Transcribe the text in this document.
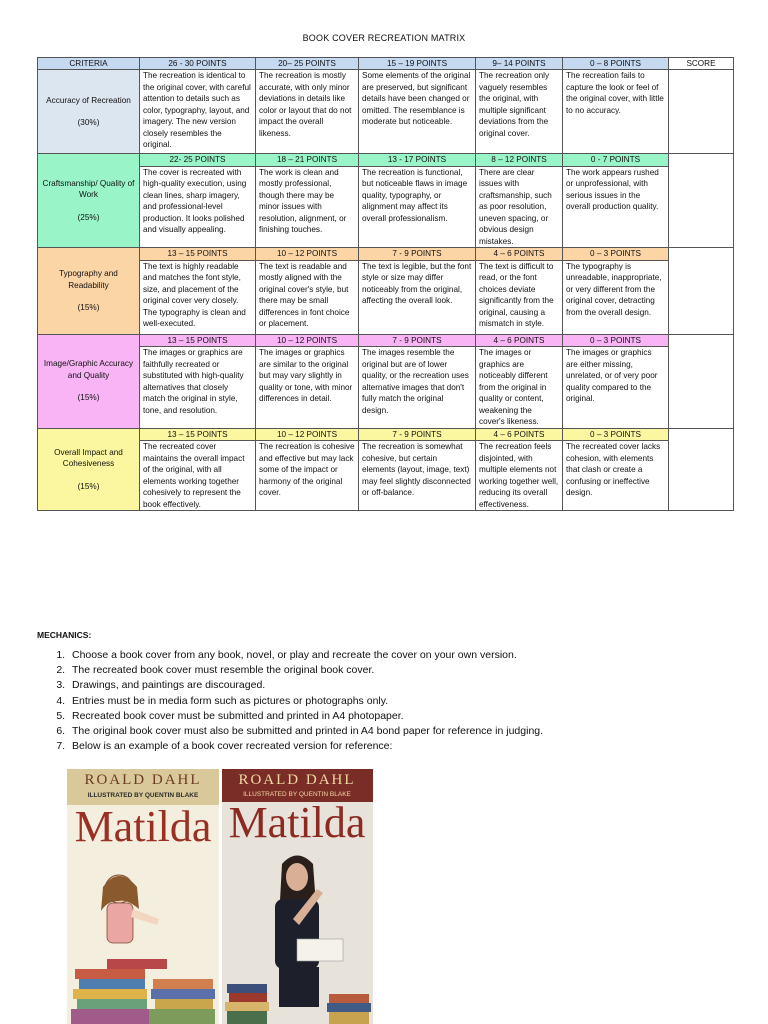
BOOK COVER RECREATION MATRIX
CRITERIA	26 - 30 POINTS	20– 25 POINTS	15 – 19 POINTS	9– 14 POINTS	0 – 8 POINTS	SCORE
Accuracy of Recreation
(30%)	The recreation is identical to the original cover, with careful attention to details such as color, typography, layout, and imagery. The new version closely resembles the original.	The recreation is mostly accurate, with only minor deviations in details like color or layout that do not impact the overall likeness.	Some elements of the original are preserved, but significant details have been changed or omitted. The resemblance is moderate but noticeable.	The recreation only vaguely resembles the original, with multiple significant deviations from the original cover.	The recreation fails to capture the look or feel of the original cover, with little to no accuracy.	
Craftsmanship/ Quality of Work
(25%)	22- 25 POINTS	18 – 21 POINTS	13 - 17 POINTS	8 – 12 POINTS	0 - 7 POINTS	
	The cover is recreated with high-quality execution, using clean lines, sharp imagery, and professional-level production. It looks polished and visually appealing.	The work is clean and mostly professional, though there may be minor issues with resolution, alignment, or finishing touches.	The recreation is functional, but noticeable flaws in image quality, typography, or alignment may affect its overall professionalism.	There are clear issues with craftsmanship, such as poor resolution, uneven spacing, or obvious design mistakes.	The work appears rushed or unprofessional, with serious issues in the overall production quality.	
Typography and Readability
(15%)	13 – 15 POINTS	10 – 12 POINTS	7 - 9 POINTS	4 – 6 POINTS	0 – 3 POINTS	
	The text is highly readable and matches the font style, size, and placement of the original cover very closely. The typography is clean and well-executed.	The text is readable and mostly aligned with the original cover's style, but there may be small differences in font choice or placement.	The text is legible, but the font style or size may differ noticeably from the original, affecting the overall look.	The text is difficult to read, or the font choices deviate significantly from the original, causing a mismatch in style.	The typography is unreadable, inappropriate, or very different from the original cover, detracting from the overall design.	
Image/Graphic Accuracy and Quality
(15%)	13 – 15 POINTS	10 – 12 POINTS	7 - 9 POINTS	4 – 6 POINTS	0 – 3 POINTS	
	The images or graphics are faithfully recreated or substituted with high-quality alternatives that closely match the original in style, tone, and resolution.	The images or graphics are similar to the original but may vary slightly in quality or tone, with minor differences in detail.	The images resemble the original but are of lower quality, or the recreation uses alternative images that don't fully match the original design.	The images or graphics are noticeably different from the original in quality or content, weakening the cover's likeness.	The images or graphics are either missing, unrelated, or of very poor quality compared to the original.	
Overall Impact and Cohesiveness
(15%)	13 – 15 POINTS	10 – 12 POINTS	7 - 9 POINTS	4 – 6 POINTS	0 – 3 POINTS	
	The recreated cover maintains the overall impact of the original, with all elements working together cohesively to represent the book effectively.	The recreation is cohesive and effective but may lack some of the impact or harmony of the original cover.	The recreation is somewhat cohesive, but certain elements (layout, image, text) may feel slightly disconnected or off-balance.	The recreation feels disjointed, with multiple elements not working together well, reducing its overall effectiveness.	The recreated cover lacks cohesion, with elements that clash or create a confusing or ineffective design.	
MECHANICS:
1. Choose a book cover from any book, novel, or play and recreate the cover on your own version.
2. The recreated book cover must resemble the original book cover.
3. Drawings, and paintings are discouraged.
4. Entries must be in media form such as pictures or photographs only.
5. Recreated book cover must be submitted and printed in A4 photopaper.
6. The original book cover must also be submitted and printed in A4 bond paper for reference in judging.
7. Below is an example of a book cover recreated version for reference:
ROALD DAHL
ILLUSTRATED BY QUENTIN BLAKE
Matilda
ROALD DAHL
ILLUSTRATED BY QUENTIN BLAKE
Matilda
